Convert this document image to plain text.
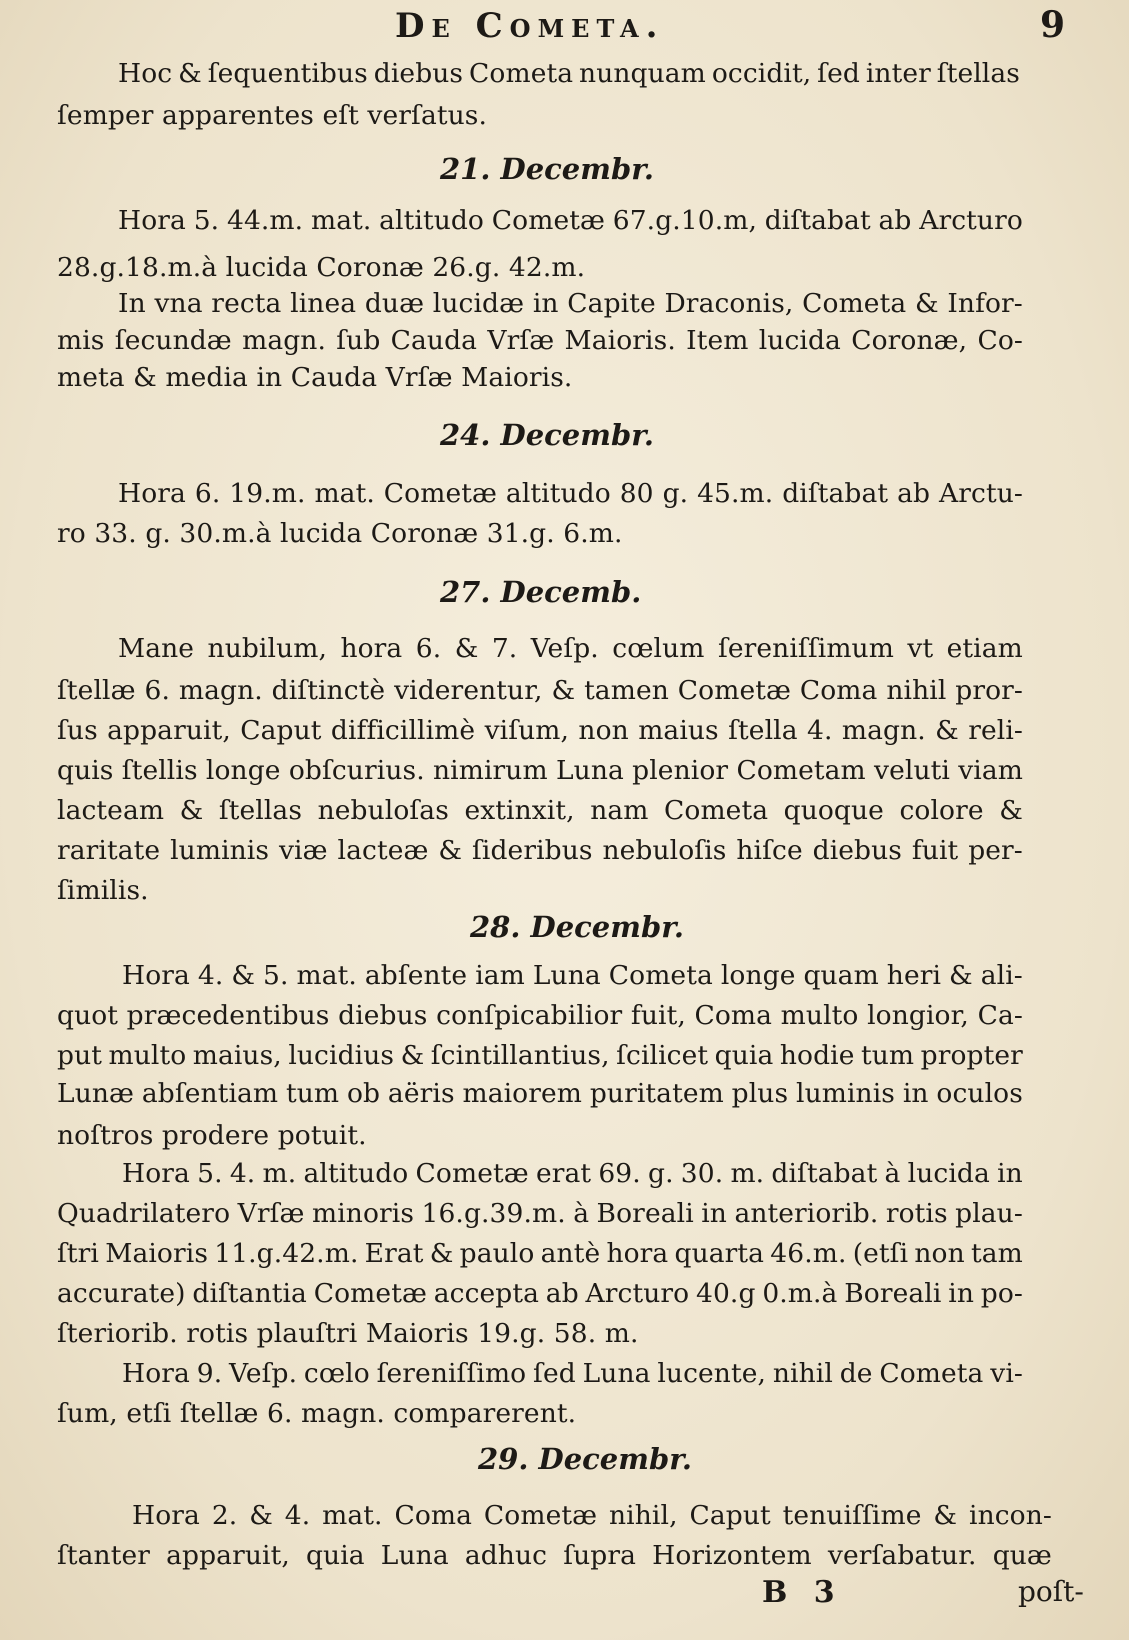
De Cometa.	9
Hoc & ſequentibus diebus Cometa nunquam occidit, ſed inter ſtellas
ſemper apparentes eſt verſatus.
21. Decembr.
Hora 5. 44.m. mat. altitudo Cometæ 67.g.10.m, diſtabat ab Arcturo
28.g.18.m.à lucida Coronæ 26.g. 42.m.
In vna recta linea duæ lucidæ in Capite Draconis, Cometa & Infor-
mis ſecundæ magn. ſub Cauda Vrſæ Maioris. Item lucida Coronæ, Co-
meta & media in Cauda Vrſæ Maioris.
24. Decembr.
Hora 6. 19.m. mat. Cometæ altitudo 80 g. 45.m. diſtabat ab Arctu-
ro 33. g. 30.m.à lucida Coronæ 31.g. 6.m.
27. Decemb.
Mane nubilum, hora 6. & 7. Veſp. cœlum ſereniſſimum vt etiam
ſtellæ 6. magn. diſtinctè viderentur, & tamen Cometæ Coma nihil pror-
ſus apparuit, Caput difficillimè viſum, non maius ſtella 4. magn. & reli-
quis ſtellis longe obſcurius. nimirum Luna plenior Cometam veluti viam
lacteam & ſtellas nebuloſas extinxit, nam Cometa quoque colore &
raritate luminis viæ lacteæ & ſideribus nebuloſis hiſce diebus fuit per-
ſimilis.
28. Decembr.
Hora 4. & 5. mat. abſente iam Luna Cometa longe quam heri & ali-
quot præcedentibus diebus conſpicabilior fuit, Coma multo longior, Ca-
put multo maius, lucidius & ſcintillantius, ſcilicet quia hodie tum propter
Lunæ abſentiam tum ob aëris maiorem puritatem plus luminis in oculos
noſtros prodere potuit.
Hora 5. 4. m. altitudo Cometæ erat 69. g. 30. m. diſtabat à lucida in
Quadrilatero Vrſæ minoris 16.g.39.m. à Boreali in anteriorib. rotis plau-
ſtri Maioris 11.g.42.m. Erat & paulo antè hora quarta 46.m. (etſi non tam
accurate) diſtantia Cometæ accepta ab Arcturo 40.g 0.m.à Boreali in po-
ſteriorib. rotis plauſtri Maioris 19.g. 58. m.
Hora 9. Veſp. cœlo ſereniſſimo ſed Luna lucente, nihil de Cometa vi-
ſum, etſi ſtellæ 6. magn. comparerent.
29. Decembr.
Hora 2. & 4. mat. Coma Cometæ nihil, Caput tenuiſſime & incon-
ſtanter apparuit, quia Luna adhuc ſupra Horizontem verſabatur. quæ
B 3	poſt-
